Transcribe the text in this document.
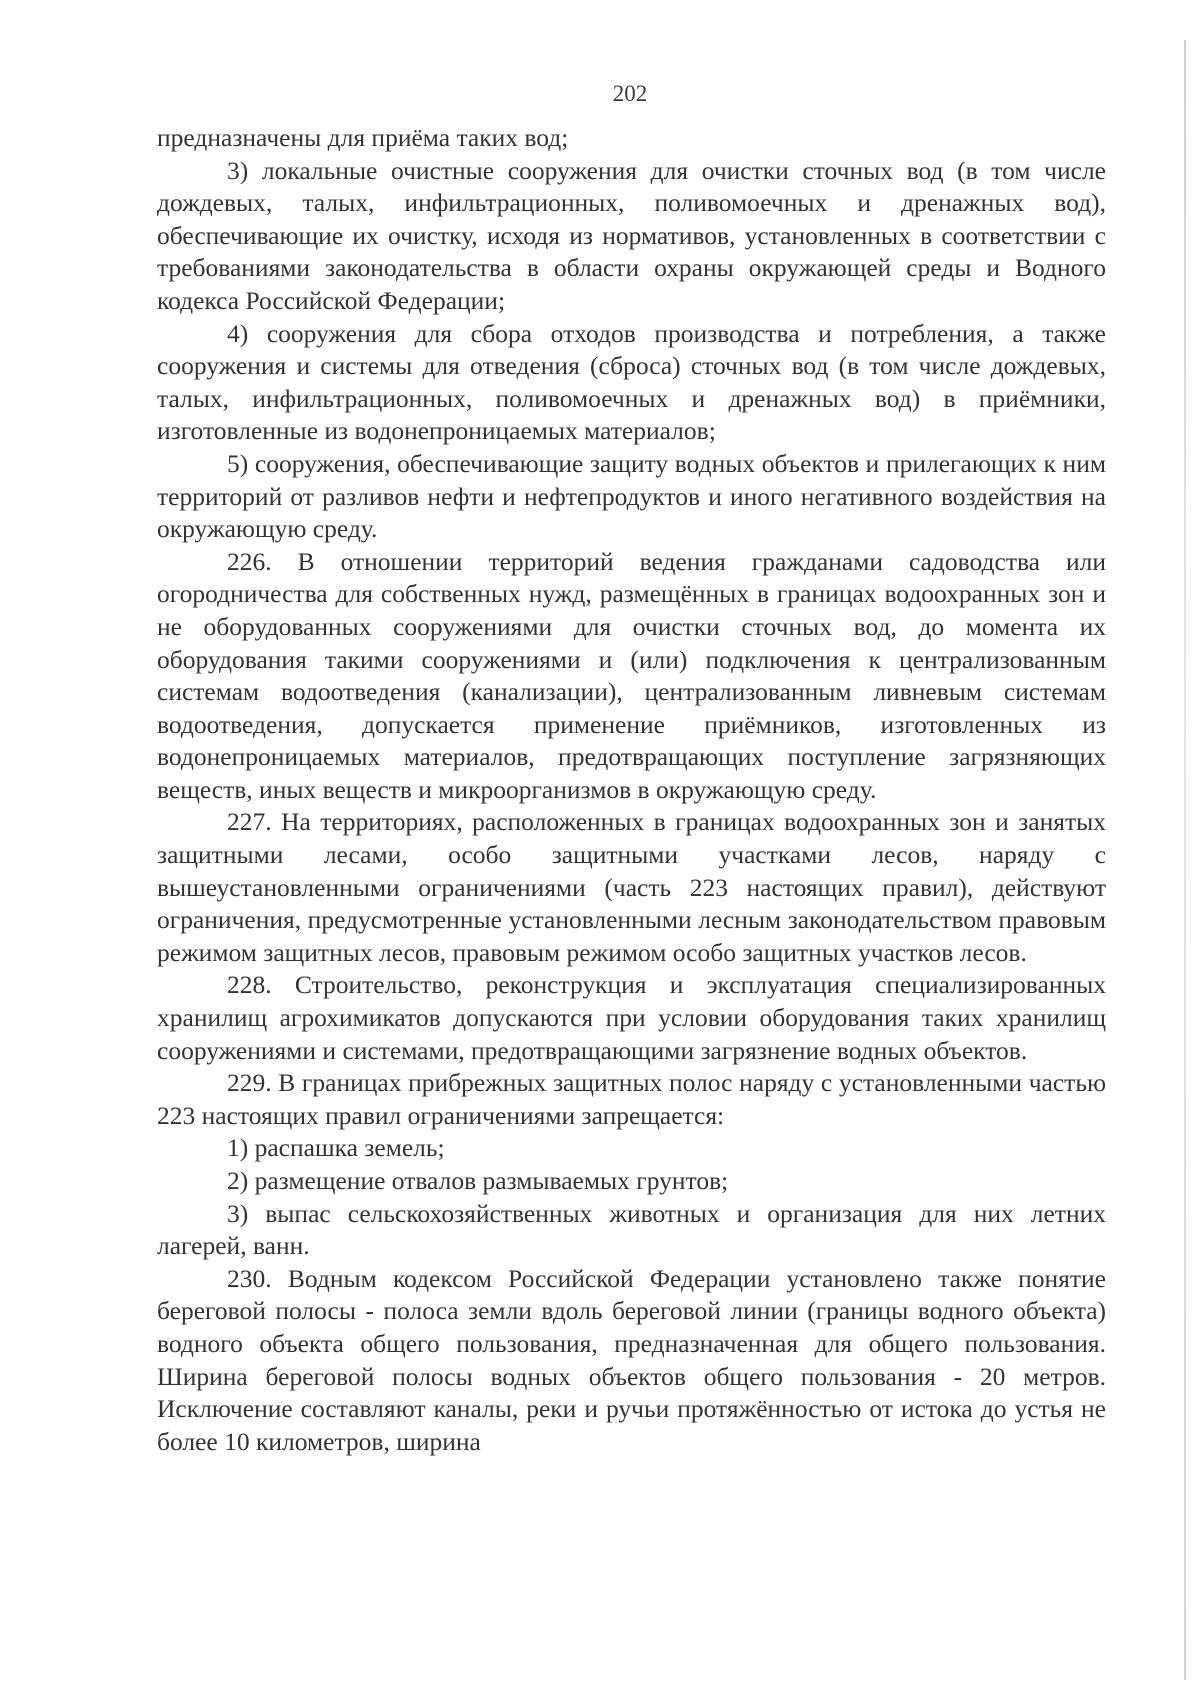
202

предназначены для приёма таких вод;

3) локальные очистные сооружения для очистки сточных вод (в том числе дождевых, талых, инфильтрационных, поливомоечных и дренажных вод), обеспечивающие их очистку, исходя из нормативов, установленных в соответствии с требованиями законодательства в области охраны окружающей среды и Водного кодекса Российской Федерации;

4) сооружения для сбора отходов производства и потребления, а также сооружения и системы для отведения (сброса) сточных вод (в том числе дождевых, талых, инфильтрационных, поливомоечных и дренажных вод) в приёмники, изготовленные из водонепроницаемых материалов;

5) сооружения, обеспечивающие защиту водных объектов и прилегающих к ним территорий от разливов нефти и нефтепродуктов и иного негативного воздействия на окружающую среду.

226. В отношении территорий ведения гражданами садоводства или огородничества для собственных нужд, размещённых в границах водоохранных зон и не оборудованных сооружениями для очистки сточных вод, до момента их оборудования такими сооружениями и (или) подключения к централизованным системам водоотведения (канализации), централизованным ливневым системам водоотведения, допускается применение приёмников, изготовленных из водонепроницаемых материалов, предотвращающих поступление загрязняющих веществ, иных веществ и микроорганизмов в окружающую среду.

227. На территориях, расположенных в границах водоохранных зон и занятых защитными лесами, особо защитными участками лесов, наряду с вышеустановленными ограничениями (часть 223 настоящих правил), действуют ограничения, предусмотренные установленными лесным законодательством правовым режимом защитных лесов, правовым режимом особо защитных участков лесов.

228. Строительство, реконструкция и эксплуатация специализированных хранилищ агрохимикатов допускаются при условии оборудования таких хранилищ сооружениями и системами, предотвращающими загрязнение водных объектов.

229. В границах прибрежных защитных полос наряду с установленными частью 223 настоящих правил ограничениями запрещается:

1) распашка земель;

2) размещение отвалов размываемых грунтов;

3) выпас сельскохозяйственных животных и организация для них летних лагерей, ванн.

230. Водным кодексом Российской Федерации установлено также понятие береговой полосы - полоса земли вдоль береговой линии (границы водного объекта) водного объекта общего пользования, предназначенная для общего пользования. Ширина береговой полосы водных объектов общего пользования - 20 метров. Исключение составляют каналы, реки и ручьи протяжённостью от истока до устья не более 10 километров, ширина
